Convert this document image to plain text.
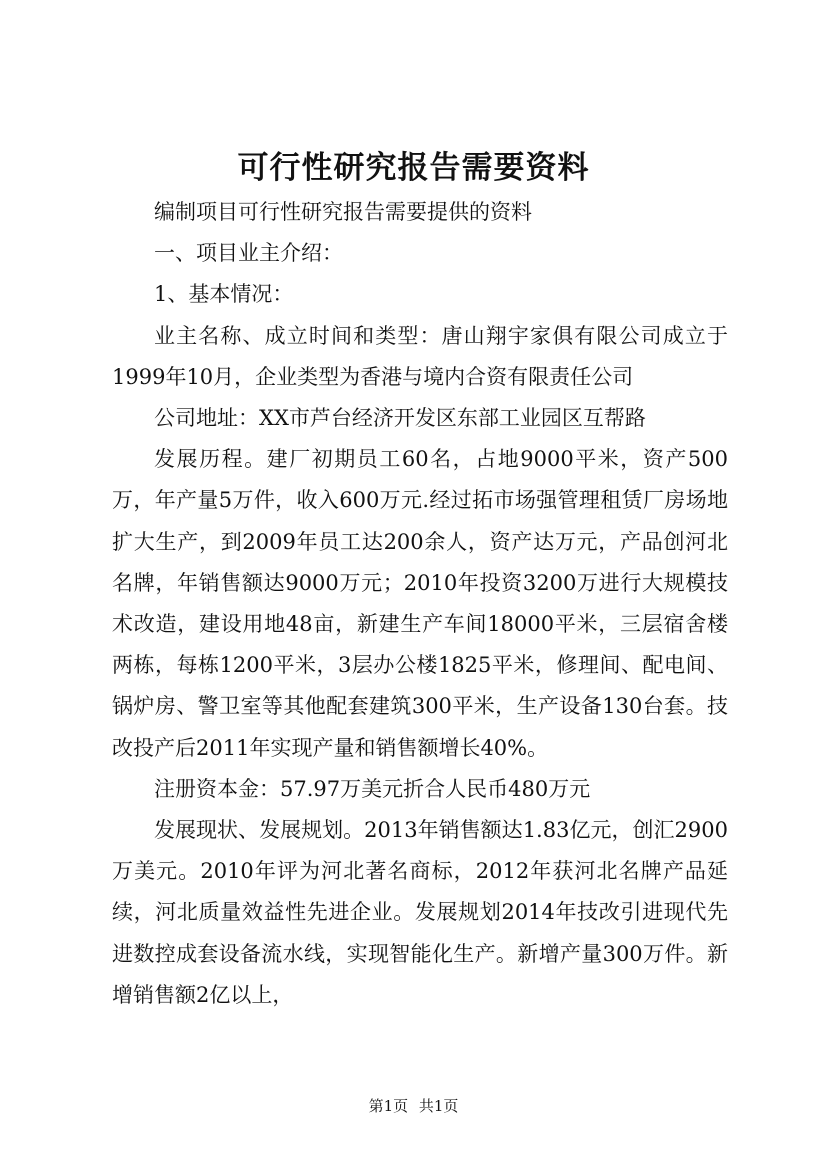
可行性研究报告需要资料

编制项目可行性研究报告需要提供的资料

一、项目业主介绍：

1、基本情况：

业主名称、成立时间和类型：唐山翔宇家俱有限公司成立于1999年10月，企业类型为香港与境内合资有限责任公司

公司地址：XX市芦台经济开发区东部工业园区互帮路

发展历程。建厂初期员工60名，占地9000平米，资产500万，年产量5万件，收入600万元.经过拓市场强管理租赁厂房场地扩大生产，到2009年员工达200余人，资产达万元，产品创河北名牌，年销售额达9000万元；2010年投资3200万进行大规模技术改造，建设用地48亩，新建生产车间18000平米，三层宿舍楼两栋，每栋1200平米，3层办公楼1825平米，修理间、配电间、锅炉房、警卫室等其他配套建筑300平米，生产设备130台套。技改投产后2011年实现产量和销售额增长40%。

注册资本金：57.97万美元折合人民币480万元

发展现状、发展规划。2013年销售额达1.83亿元，创汇2900万美元。2010年评为河北著名商标，2012年获河北名牌产品延续，河北质量效益性先进企业。发展规划2014年技改引进现代先进数控成套设备流水线，实现智能化生产。新增产量300万件。新增销售额2亿以上，

第1页 共1页
